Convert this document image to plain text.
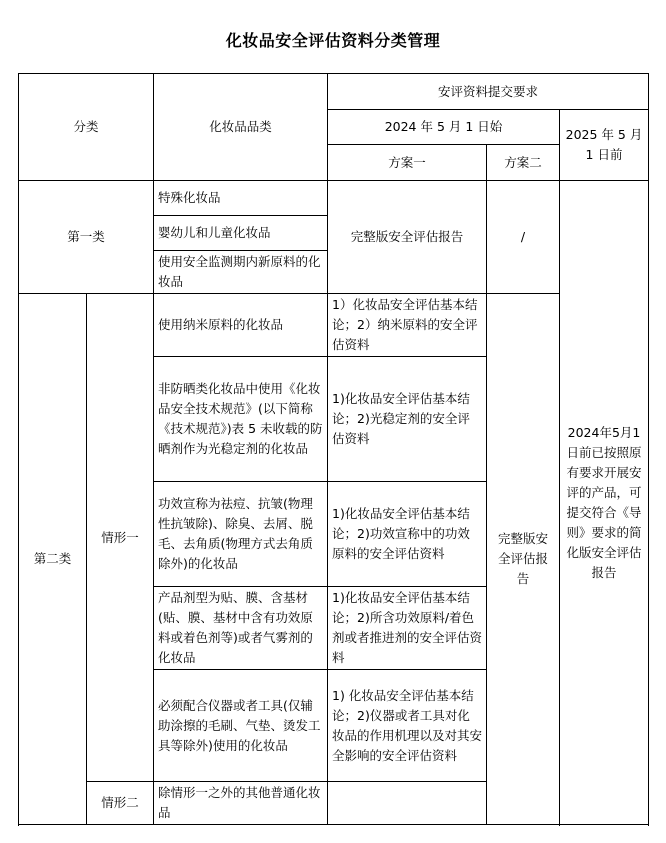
化妆品安全评估资料分类管理
分类		化妆品品类	安评资料提交要求		
			2024 年 5 月 1 日始		2025 年 5 月 1 日前
			方案一	方案二	
第一类		特殊化妆品	完整版安全评估报告	/	2024年5月1日前已按照原有要求开展安评的产品，可提交符合《导则》要求的简化版安全评估报告
		婴幼儿和儿童化妆品			
		使用安全监测期内新原料的化妆品			
第二类	情形一	使用纳米原料的化妆品	1）化妆品安全评估基本结论；2）纳米原料的安全评估资料	完整版安全评估报告	
		非防晒类化妆品中使用《化妆品安全技术规范》(以下简称《技术规范》)表 5 未收载的防晒剂作为光稳定剂的化妆品	1)化妆品安全评估基本结论；2)光稳定剂的安全评估资料		
		功效宣称为祛痘、抗皱(物理性抗皱除)、除臭、去屑、脱毛、去角质(物理方式去角质除外)的化妆品	1)化妆品安全评估基本结论；2)功效宣称中的功效原料的安全评估资料		
		产品剂型为贴、膜、含基材(贴、膜、基材中含有功效原料或着色剂等)或者气雾剂的化妆品	1)化妆品安全评估基本结论；2)所含功效原料/着色剂或者推进剂的安全评估资料		
		必须配合仪器或者工具(仅辅助涂擦的毛刷、气垫、烫发工具等除外)使用的化妆品	1) 化妆品安全评估基本结论；2)仪器或者工具对化妆品的作用机理以及对其安全影响的安全评估资料		
	情形二	除情形一之外的其他普通化妆品			
